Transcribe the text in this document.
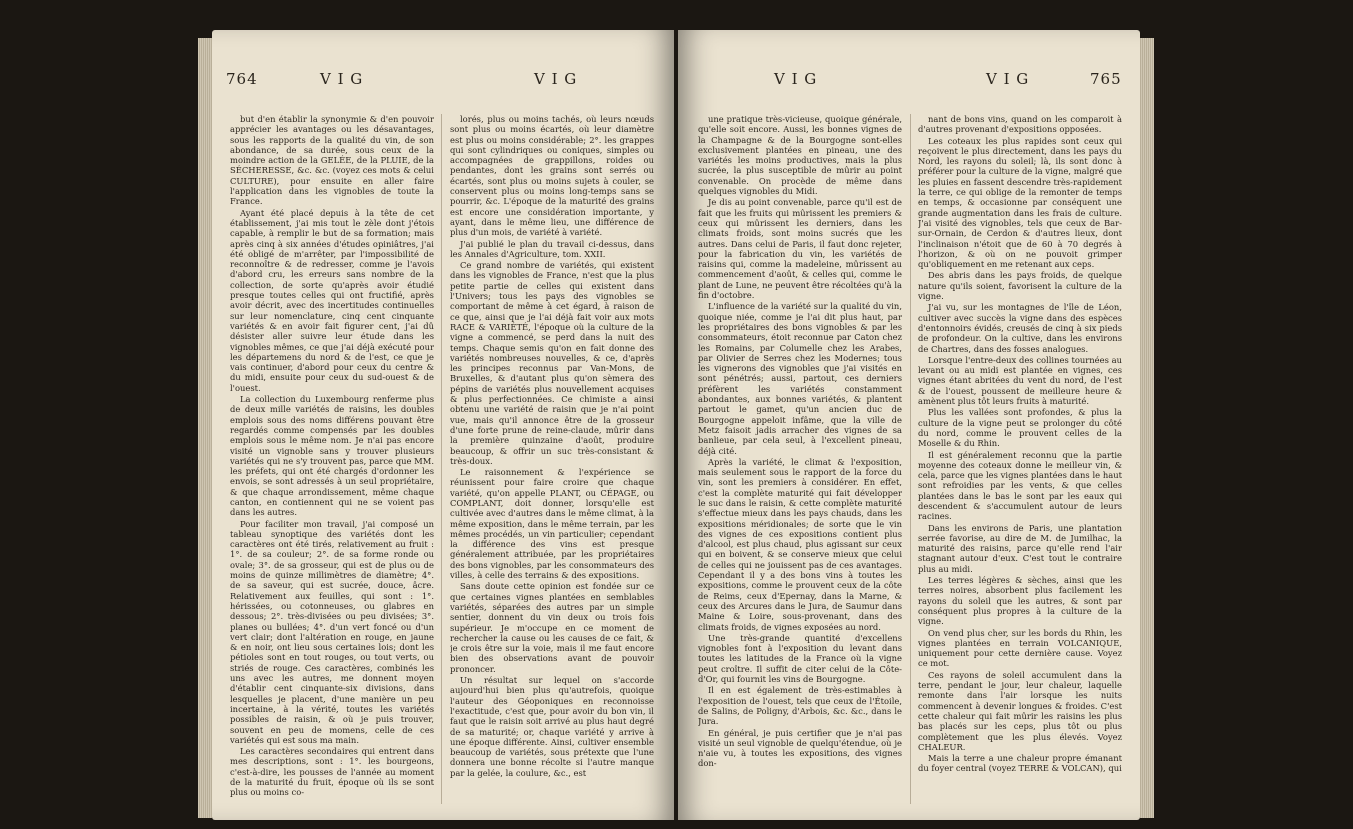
764	V I G	V I G

but d'en établir la synonymie & d'en pouvoir apprécier les avantages ou les désavantages, sous les rapports de la qualité du vin, de son abondance, de sa durée, sous ceux de la moindre action de la GELÉE, de la PLUIE, de la SÉCHERESSE, &c. &c. (voyez ces mots & celui CULTURE), pour ensuite en aller faire l'application dans les vignobles de toute la France.

Ayant été placé depuis à la tête de cet établissement, j'ai mis tout le zèle dont j'étois capable, à remplir le but de sa formation; mais après cinq à six années d'études opiniâtres, j'ai été obligé de m'arrêter, par l'impossibilité de reconnoître & de redresser, comme je l'avois d'abord cru, les erreurs sans nombre de la collection, de sorte qu'après avoir étudié presque toutes celles qui ont fructifié, après avoir décrit, avec des incertitudes continuelles sur leur nomenclature, cinq cent cinquante variétés & en avoir fait figurer cent, j'ai dû désister aller suivre leur étude dans les vignobles mêmes, ce que j'ai déjà exécuté pour les départemens du nord & de l'est, ce que je vais continuer, d'abord pour ceux du centre & du midi, ensuite pour ceux du sud-ouest & de l'ouest.

La collection du Luxembourg renferme plus de deux mille variétés de raisins, les doubles emplois sous des noms différens pouvant être regardés comme compensés par les doubles emplois sous le même nom. Je n'ai pas encore visité un vignoble sans y trouver plusieurs variétés qui ne s'y trouvent pas, parce que MM. les préfets, qui ont été chargés d'ordonner les envois, se sont adressés à un seul propriétaire, & que chaque arrondissement, même chaque canton, en contiennent qui ne se voient pas dans les autres.

Pour faciliter mon travail, j'ai composé un tableau synoptique des variétés dont les caractères ont été tirés, relativement au fruit : 1°. de sa couleur; 2°. de sa forme ronde ou ovale; 3°. de sa grosseur, qui est de plus ou de moins de quinze millimètres de diamètre; 4°. de sa saveur, qui est sucrée, douce, âcre. Relativement aux feuilles, qui sont : 1°. hérissées, ou cotonneuses, ou glabres en dessous; 2°. très-divisées ou peu divisées; 3°. planes ou bullées; 4°. d'un vert foncé ou d'un vert clair; dont l'altération en rouge, en jaune & en noir, ont lieu sous certaines lois; dont les pétioles sont en tout rouges, ou tout verts, ou striés de rouge. Ces caractères, combinés les uns avec les autres, me donnent moyen d'établir cent cinquante-six divisions, dans lesquelles je placent, d'une manière un peu incertaine, à la vérité, toutes les variétés possibles de raisin, & où je puis trouver, souvent en peu de momens, celle de ces variétés qui est sous ma main.

Les caractères secondaires qui entrent dans mes descriptions, sont : 1°. les bourgeons, c'est-à-dire, les pousses de l'année au moment de la maturité du fruit, époque où ils se sont plus ou moins co-

lorés, plus ou moins tachés, où leurs nœuds sont plus ou moins écartés, où leur diamètre est plus ou moins considérable; 2°. les grappes qui sont cylindriques ou coniques, simples ou accompagnées de grappillons, roides ou pendantes, dont les grains sont serrés ou écartés, sont plus ou moins sujets à couler, se conservent plus ou moins long-temps sans se pourrir, &c. L'époque de la maturité des grains est encore une considération importante, y ayant, dans le même lieu, une différence de plus d'un mois, de variété à variété.

J'ai publié le plan du travail ci-dessus, dans les Annales d'Agriculture, tom. XXII.

Ce grand nombre de variétés, qui existent dans les vignobles de France, n'est que la plus petite partie de celles qui existent dans l'Univers; tous les pays des vignobles se comportant de même à cet égard, à raison de ce que, ainsi que je l'ai déjà fait voir aux mots RACE & VARIÉTÉ, l'époque où la culture de la vigne a commencé, se perd dans la nuit des temps. Chaque semis qu'on en fait donne des variétés nombreuses nouvelles, & ce, d'après les principes reconnus par Van-Mons, de Bruxelles, & d'autant plus qu'on sèmera des pépins de variétés plus nouvellement acquises & plus perfectionnées. Ce chimiste a ainsi obtenu une variété de raisin que je n'ai point vue, mais qu'il annonce être de la grosseur d'une forte prune de reine-claude, mûrir dans la première quinzaine d'août, produire beaucoup, & offrir un suc très-consistant & très-doux.

Le raisonnement & l'expérience se réunissent pour faire croire que chaque variété, qu'on appelle PLANT, ou CÉPAGE, ou COMPLANT, doit donner, lorsqu'elle est cultivée avec d'autres dans le même climat, à la même exposition, dans le même terrain, par les mêmes procédés, un vin particulier; cependant la différence des vins est presque généralement attribuée, par les propriétaires des bons vignobles, par les consommateurs des villes, à celle des terrains & des expositions.

Sans doute cette opinion est fondée sur ce que certaines vignes plantées en semblables variétés, séparées des autres par un simple sentier, donnent du vin deux ou trois fois supérieur. Je m'occupe en ce moment de rechercher la cause ou les causes de ce fait, & je crois être sur la voie, mais il me faut encore bien des observations avant de pouvoir prononcer.

Un résultat sur lequel on s'accorde aujourd'hui bien plus qu'autrefois, quoique l'auteur des Géoponiques en reconnoisse l'exactitude, c'est que, pour avoir du bon vin, il faut que le raisin soit arrivé au plus haut degré de sa maturité; or, chaque variété y arrive à une époque différente. Ainsi, cultiver ensemble beaucoup de variétés, sous prétexte que l'une donnera une bonne récolte si l'autre manque par la gelée, la coulure, &c., est

V I G	V I G	765

une pratique très-vicieuse, quoique générale, qu'elle soit encore. Aussi, les bonnes vignes de la Champagne & de la Bourgogne sont-elles exclusivement plantées en pineau, une des variétés les moins productives, mais la plus sucrée, la plus susceptible de mûrir au point convenable. On procède de même dans quelques vignobles du Midi.

Je dis au point convenable, parce qu'il est de fait que les fruits qui mûrissent les premiers & ceux qui mûrissent les derniers, dans les climats froids, sont moins sucrés que les autres. Dans celui de Paris, il faut donc rejeter, pour la fabrication du vin, les variétés de raisins qui, comme la madeleine, mûrissent au commencement d'août, & celles qui, comme le plant de Lune, ne peuvent être récoltées qu'à la fin d'octobre.

L'influence de la variété sur la qualité du vin, quoique niée, comme je l'ai dit plus haut, par les propriétaires des bons vignobles & par les consommateurs, étoit reconnue par Caton chez les Romains, par Columelle chez les Arabes, par Olivier de Serres chez les Modernes; tous les vignerons des vignobles que j'ai visités en sont pénétrés; aussi, partout, ces derniers préfèrent les variétés constamment abondantes, aux bonnes variétés, & plantent partout le gamet, qu'un ancien duc de Bourgogne appeloit infâme, que la ville de Metz faisoit jadis arracher des vignes de sa banlieue, par cela seul, à l'excellent pineau, déjà cité.

Après la variété, le climat & l'exposition, mais seulement sous le rapport de la force du vin, sont les premiers à considérer. En effet, c'est la complète maturité qui fait développer le suc dans le raisin, & cette complète maturité s'effectue mieux dans les pays chauds, dans les expositions méridionales; de sorte que le vin des vignes de ces expositions contient plus d'alcool, est plus chaud, plus agissant sur ceux qui en boivent, & se conserve mieux que celui de celles qui ne jouissent pas de ces avantages. Cependant il y a des bons vins à toutes les expositions, comme le prouvent ceux de la côte de Reims, ceux d'Epernay, dans la Marne, & ceux des Arcures dans le Jura, de Saumur dans Maine & Loire, sous-provenant, dans des climats froids, de vignes exposées au nord.

Une très-grande quantité d'excellens vignobles font à l'exposition du levant dans toutes les latitudes de la France où la vigne peut croître. Il suffit de citer celui de la Côte-d'Or, qui fournit les vins de Bourgogne.

Il en est également de très-estimables à l'exposition de l'ouest, tels que ceux de l'Étoile, de Salins, de Poligny, d'Arbois, &c. &c., dans le Jura.

En général, je puis certifier que je n'ai pas visité un seul vignoble de quelqu'étendue, où je n'aie vu, à toutes les expositions, des vignes don-

nant de bons vins, quand on les comparoit à d'autres provenant d'expositions opposées.

Les coteaux les plus rapides sont ceux qui reçoivent le plus directement, dans les pays du Nord, les rayons du soleil; là, ils sont donc à préférer pour la culture de la vigne, malgré que les pluies en fassent descendre très-rapidement la terre, ce qui oblige de la remonter de temps en temps, & occasionne par conséquent une grande augmentation dans les frais de culture. J'ai visité des vignobles, tels que ceux de Bar-sur-Ornain, de Cerdon & d'autres lieux, dont l'inclinaison n'étoit que de 60 à 70 degrés à l'horizon, & où on ne pouvoit grimper qu'obliquement en me retenant aux ceps.

Des abris dans les pays froids, de quelque nature qu'ils soient, favorisent la culture de la vigne.

J'ai vu, sur les montagnes de l'île de Léon, cultiver avec succès la vigne dans des espèces d'entonnoirs évidés, creusés de cinq à six pieds de profondeur. On la cultive, dans les environs de Chartres, dans des fosses analogues.

Lorsque l'entre-deux des collines tournées au levant ou au midi est plantée en vignes, ces vignes étant abritées du vent du nord, de l'est & de l'ouest, poussent de meilleure heure & amènent plus tôt leurs fruits à maturité.

Plus les vallées sont profondes, & plus la culture de la vigne peut se prolonger du côté du nord, comme le prouvent celles de la Moselle & du Rhin.

Il est généralement reconnu que la partie moyenne des coteaux donne le meilleur vin, & cela, parce que les vignes plantées dans le haut sont refroidies par les vents, & que celles plantées dans le bas le sont par les eaux qui descendent & s'accumulent autour de leurs racines.

Dans les environs de Paris, une plantation serrée favorise, au dire de M. de Jumilhac, la maturité des raisins, parce qu'elle rend l'air stagnant autour d'eux. C'est tout le contraire plus au midi.

Les terres légères & sèches, ainsi que les terres noires, absorbent plus facilement les rayons du soleil que les autres, & sont par conséquent plus propres à la culture de la vigne.

On vend plus cher, sur les bords du Rhin, les vignes plantées en terrain VOLCANIQUE, uniquement pour cette dernière cause. Voyez ce mot.

Ces rayons de soleil accumulent dans la terre, pendant le jour, leur chaleur, laquelle remonte dans l'air lorsque les nuits commencent à devenir longues & froides. C'est cette chaleur qui fait mûrir les raisins les plus bas placés sur les ceps, plus tôt ou plus complètement que les plus élevés. Voyez CHALEUR.

Mais la terre a une chaleur propre émanant du foyer central (voyez TERRE & VOLCAN), qui
